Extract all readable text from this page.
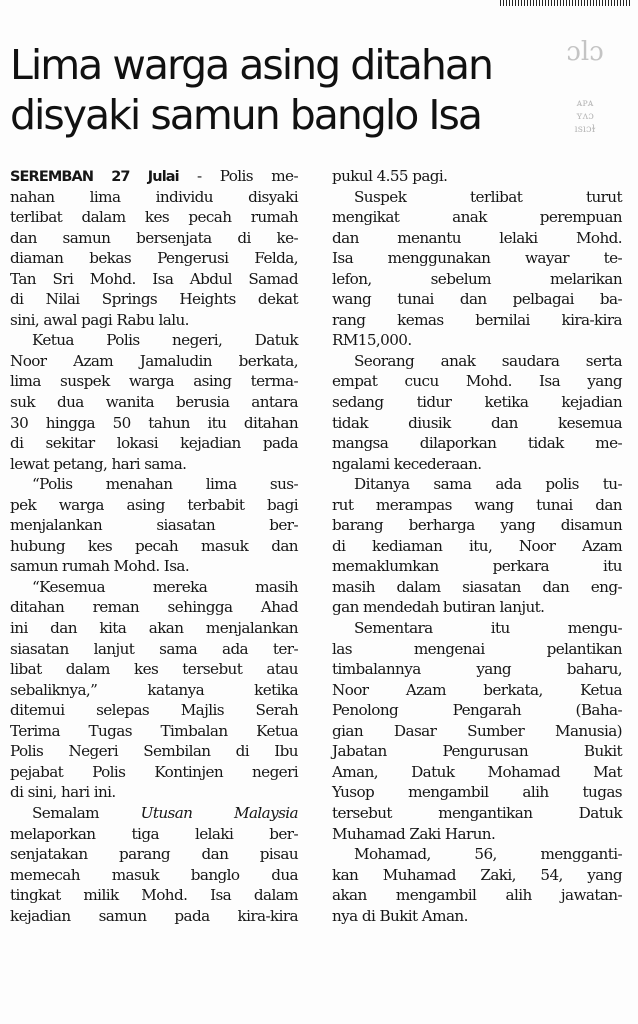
Lima warga asing ditahan
disyaki samun banglo Isa
ɔlɔ
ᴀᴩᴀ
ʏʌɔ
ısıɔɫ
SEREMBAN 27 Julai - Polis me-
nahan lima individu disyaki
terlibat dalam kes pecah rumah
dan samun bersenjata di ke-
diaman bekas Pengerusi Felda,
Tan Sri Mohd. Isa Abdul Samad
di Nilai Springs Heights dekat
sini, awal pagi Rabu lalu.
Ketua Polis negeri, Datuk
Noor Azam Jamaludin berkata,
lima suspek warga asing terma-
suk dua wanita berusia antara
30 hingga 50 tahun itu ditahan
di sekitar lokasi kejadian pada
lewat petang, hari sama.
“Polis menahan lima sus-
pek warga asing terbabit bagi
menjalankan siasatan ber-
hubung kes pecah masuk dan
samun rumah Mohd. Isa.
“Kesemua mereka masih
ditahan reman sehingga Ahad
ini dan kita akan menjalankan
siasatan lanjut sama ada ter-
libat dalam kes tersebut atau
sebaliknya,” katanya ketika
ditemui selepas Majlis Serah
Terima Tugas Timbalan Ketua
Polis Negeri Sembilan di Ibu
pejabat Polis Kontinjen negeri
di sini, hari ini.
Semalam Utusan Malaysia
melaporkan tiga lelaki ber-
senjatakan parang dan pisau
memecah masuk banglo dua
tingkat milik Mohd. Isa dalam
kejadian samun pada kira-kira
pukul 4.55 pagi.
Suspek terlibat turut
mengikat anak perempuan
dan menantu lelaki Mohd.
Isa menggunakan wayar te-
lefon, sebelum melarikan
wang tunai dan pelbagai ba-
rang kemas bernilai kira-kira
RM15,000.
Seorang anak saudara serta
empat cucu Mohd. Isa yang
sedang tidur ketika kejadian
tidak diusik dan kesemua
mangsa dilaporkan tidak me-
ngalami kecederaan.
Ditanya sama ada polis tu-
rut merampas wang tunai dan
barang berharga yang disamun
di kediaman itu, Noor Azam
memaklumkan perkara itu
masih dalam siasatan dan eng-
gan mendedah butiran lanjut.
Sementara itu mengu-
las mengenai pelantikan
timbalannya yang baharu,
Noor Azam berkata, Ketua
Penolong Pengarah (Baha-
gian Dasar Sumber Manusia)
Jabatan Pengurusan Bukit
Aman, Datuk Mohamad Mat
Yusop mengambil alih tugas
tersebut mengantikan Datuk
Muhamad Zaki Harun.
Mohamad, 56, mengganti-
kan Muhamad Zaki, 54, yang
akan mengambil alih jawatan-
nya di Bukit Aman.
